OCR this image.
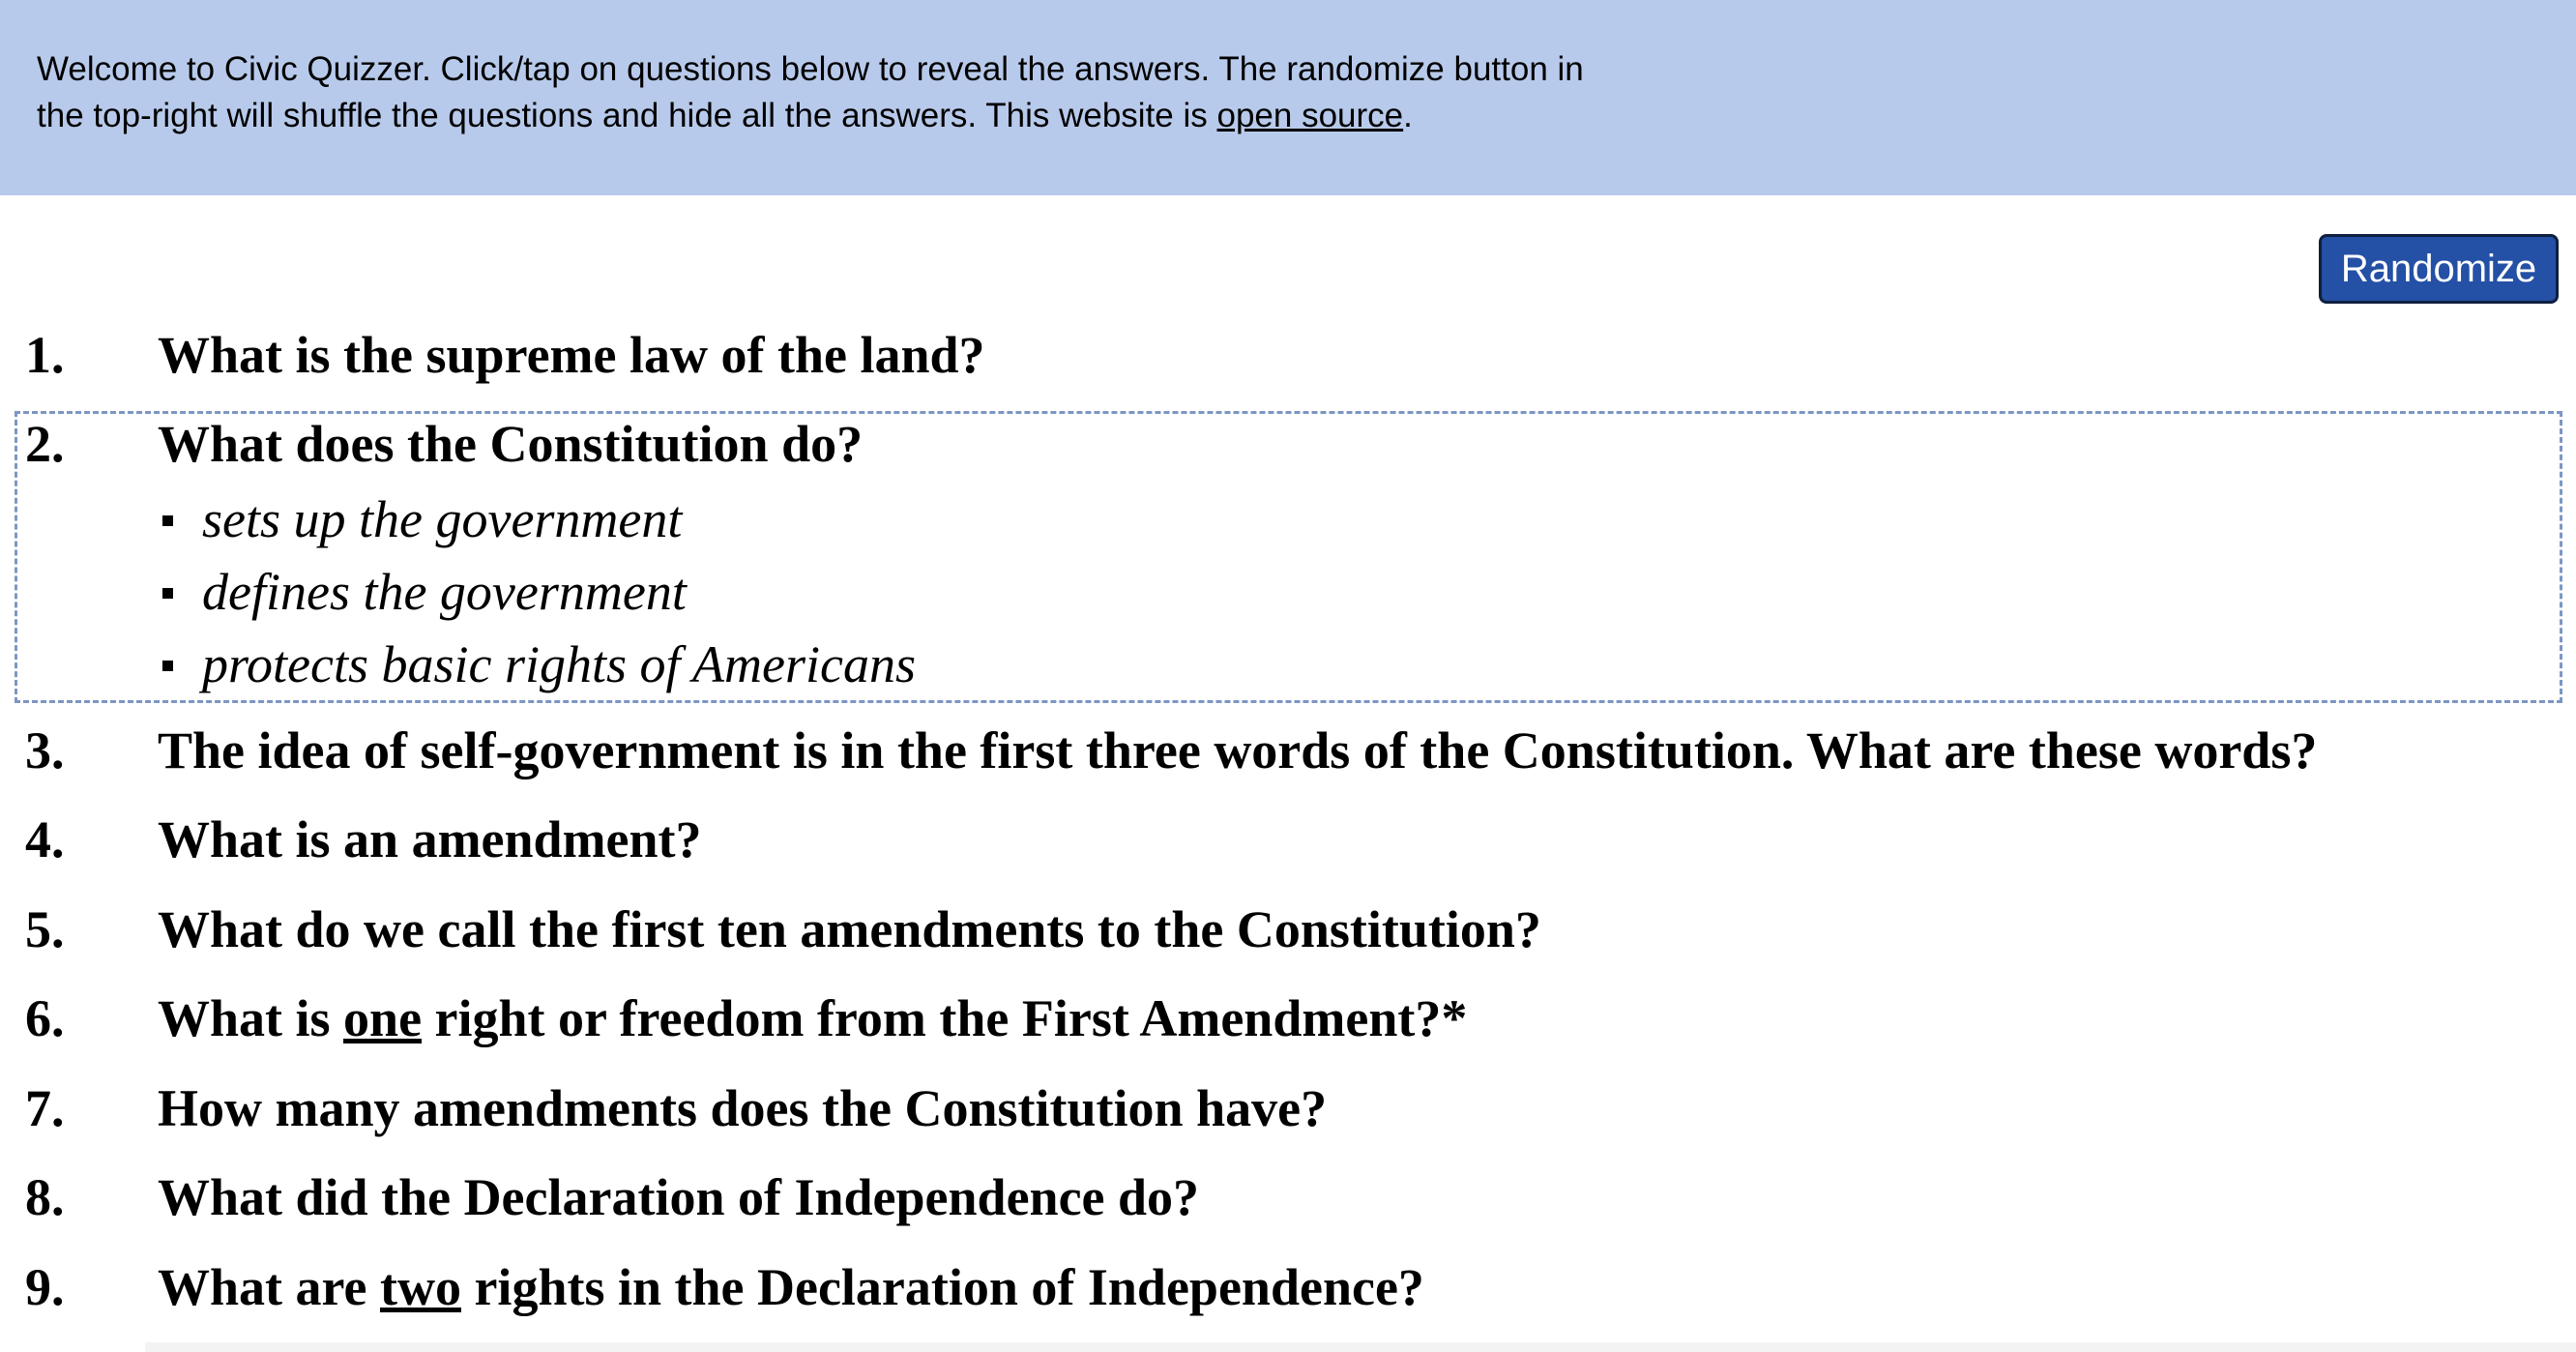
Welcome to Civic Quizzer. Click/tap on questions below to reveal the answers. The randomize button in the top-right will shuffle the questions and hide all the answers. This website is open source.

Randomize
1. What is the supreme law of the land?
2. What does the Constitution do?
sets up the government
defines the government
protects basic rights of Americans
3. The idea of self-government is in the first three words of the Constitution. What are these words?
4. What is an amendment?
5. What do we call the first ten amendments to the Constitution?
6. What is one right or freedom from the First Amendment?*
7. How many amendments does the Constitution have?
8. What did the Declaration of Independence do?
9. What are two rights in the Declaration of Independence?
